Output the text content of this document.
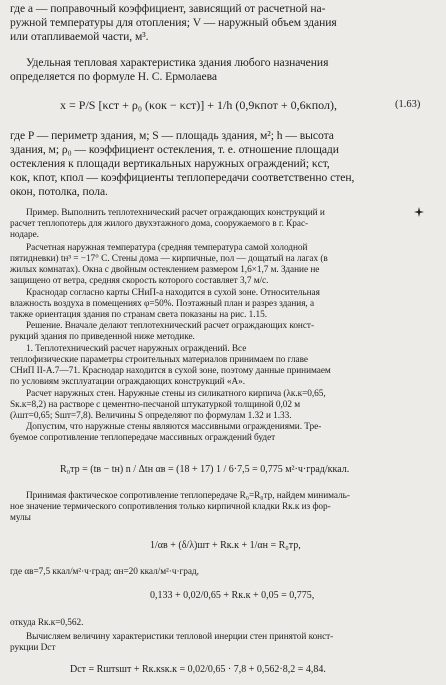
где a — поправочный коэффициент, зависящий от расчетной на-

ружной температуры для отопления; V — наружный объем здания

или отапливаемой части, м³.

Удельная тепловая характеристика здания любого назначения

определяется по формуле Н. С. Ермолаева

x = P/S [κст + ρ₀ (κок − κст)] + 1/h (0,9κпот + 0,6κпол),	(1.63)

где P — периметр здания, м; S — площадь здания, м²; h — высота

здания, м; ρ₀ — коэффициент остекления, т. е. отношение площади

остекления к площади вертикальных наружных ограждений; κст,

κок, κпот, κпол — коэффициенты теплопередачи соответственно стен,

окон, потолка, пола.

Пример. Выполнить теплотехнический расчет ограждающих конструкций и

расчет теплопотерь для жилого двухэтажного дома, сооружаемого в г. Крас-

нодаре.

Расчетная наружная температура (средняя температура самой холодной

пятидневки) tн³ = −17° С. Стены дома — кирпичные, пол — дощатый на лагах (в

жилых комнатах). Окна с двойным остеклением размером 1,6×1,7 м. Здание не

защищено от ветра, средняя скорость которого составляет 3,7 м/с.

Краснодар согласно карты СНиП-а находится в сухой зоне. Относительная

влажность воздуха в помещениях φ=50%. Поэтажный план и разрез здания, а

также ориентация здания по странам света показаны на рис. 1.15.

Решение. Вначале делают теплотехнический расчет ограждающих конст-

рукций здания по приведенной ниже методике.

1. Теплотехнический расчет наружных ограждений. Все

теплофизические параметры строительных материалов принимаем по главе

СНиП II-А.7—71. Краснодар находится в сухой зоне, поэтому данные принимаем

по условиям эксплуатации ограждающих конструкций «А».

Расчет наружных стен. Наружные стены из силикатного кирпича (λк.к=0,65,

Sк.к=8,2) на растворе с цементно-песчаной штукатуркой толщиной 0,02 м

(λшт=0,65; Sшт=7,8). Величины S определяют по формулам 1.32 и 1.33.

Допустим, что наружные стены являются массивными ограждениями. Тре-

буемое сопротивление теплопередаче массивных ограждений будет

R₀тр = (tв − tн) n / Δtн αв = (18 + 17) 1 / 6·7,5 = 0,775 м²·ч·град/ккал.

Принимая фактическое сопротивление теплопередаче R₀=R₀тр, найдем минималь-

ное значение термического сопротивления только кирпичной кладки Rк.к из фор-

мулы

1/αв + (δ/λ)шт + Rк.к + 1/αн = R₀тр,

где αв=7,5 ккал/м²·ч·град; αн=20 ккал/м²·ч·град,

0,133 + 0,02/0,65 + Rк.к + 0,05 = 0,775,

откуда Rк.к=0,562.

Вычисляем величину характеристики тепловой инерции стен принятой конст-

рукции Dст

Dст = Rштsшт + Rк.кsк.к = 0,02/0,65 · 7,8 + 0,562·8,2 = 4,84.
